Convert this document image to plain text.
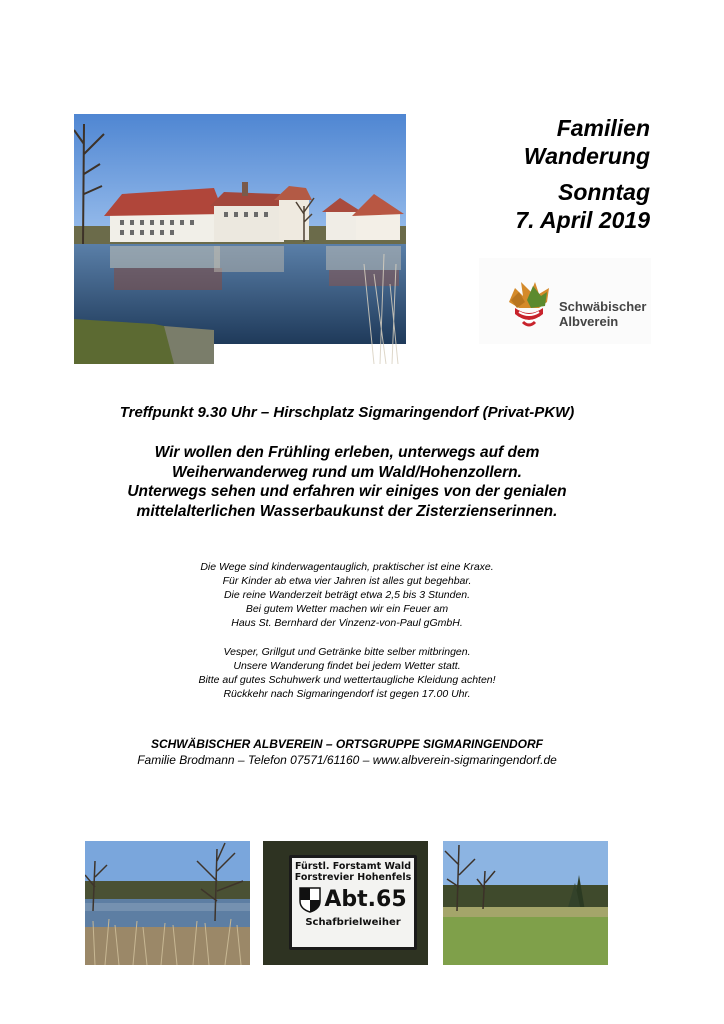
Familien
Wanderung
Sonntag
7. April 2019
Schwäbischer
Albverein
Treffpunkt 9.30 Uhr – Hirschplatz Sigmaringendorf (Privat-PKW)
Wir wollen den Frühling erleben, unterwegs auf dem
Weiherwanderweg rund um Wald/Hohenzollern.
Unterwegs sehen und erfahren wir einiges von der genialen
mittelalterlichen Wasserbaukunst der Zisterzienserinnen.
Die Wege sind kinderwagentauglich, praktischer ist eine Kraxe.
Für Kinder ab etwa vier Jahren ist alles gut begehbar.
Die reine Wanderzeit beträgt etwa 2,5 bis 3 Stunden.
Bei gutem Wetter machen wir ein Feuer am
Haus St. Bernhard der Vinzenz-von-Paul gGmbH.
Vesper, Grillgut und Getränke bitte selber mitbringen.
Unsere Wanderung findet bei jedem Wetter statt.
Bitte auf gutes Schuhwerk und wettertaugliche Kleidung achten!
Rückkehr nach Sigmaringendorf ist gegen 17.00 Uhr.
SCHWÄBISCHER ALBVEREIN – ORTSGRUPPE SIGMARINGENDORF
Familie Brodmann – Telefon 07571/61160 – www.albverein-sigmaringendorf.de
Fürstl. Forstamt Wald
Forstrevier Hohenfels
Abt.65
Schafbrielweiher
